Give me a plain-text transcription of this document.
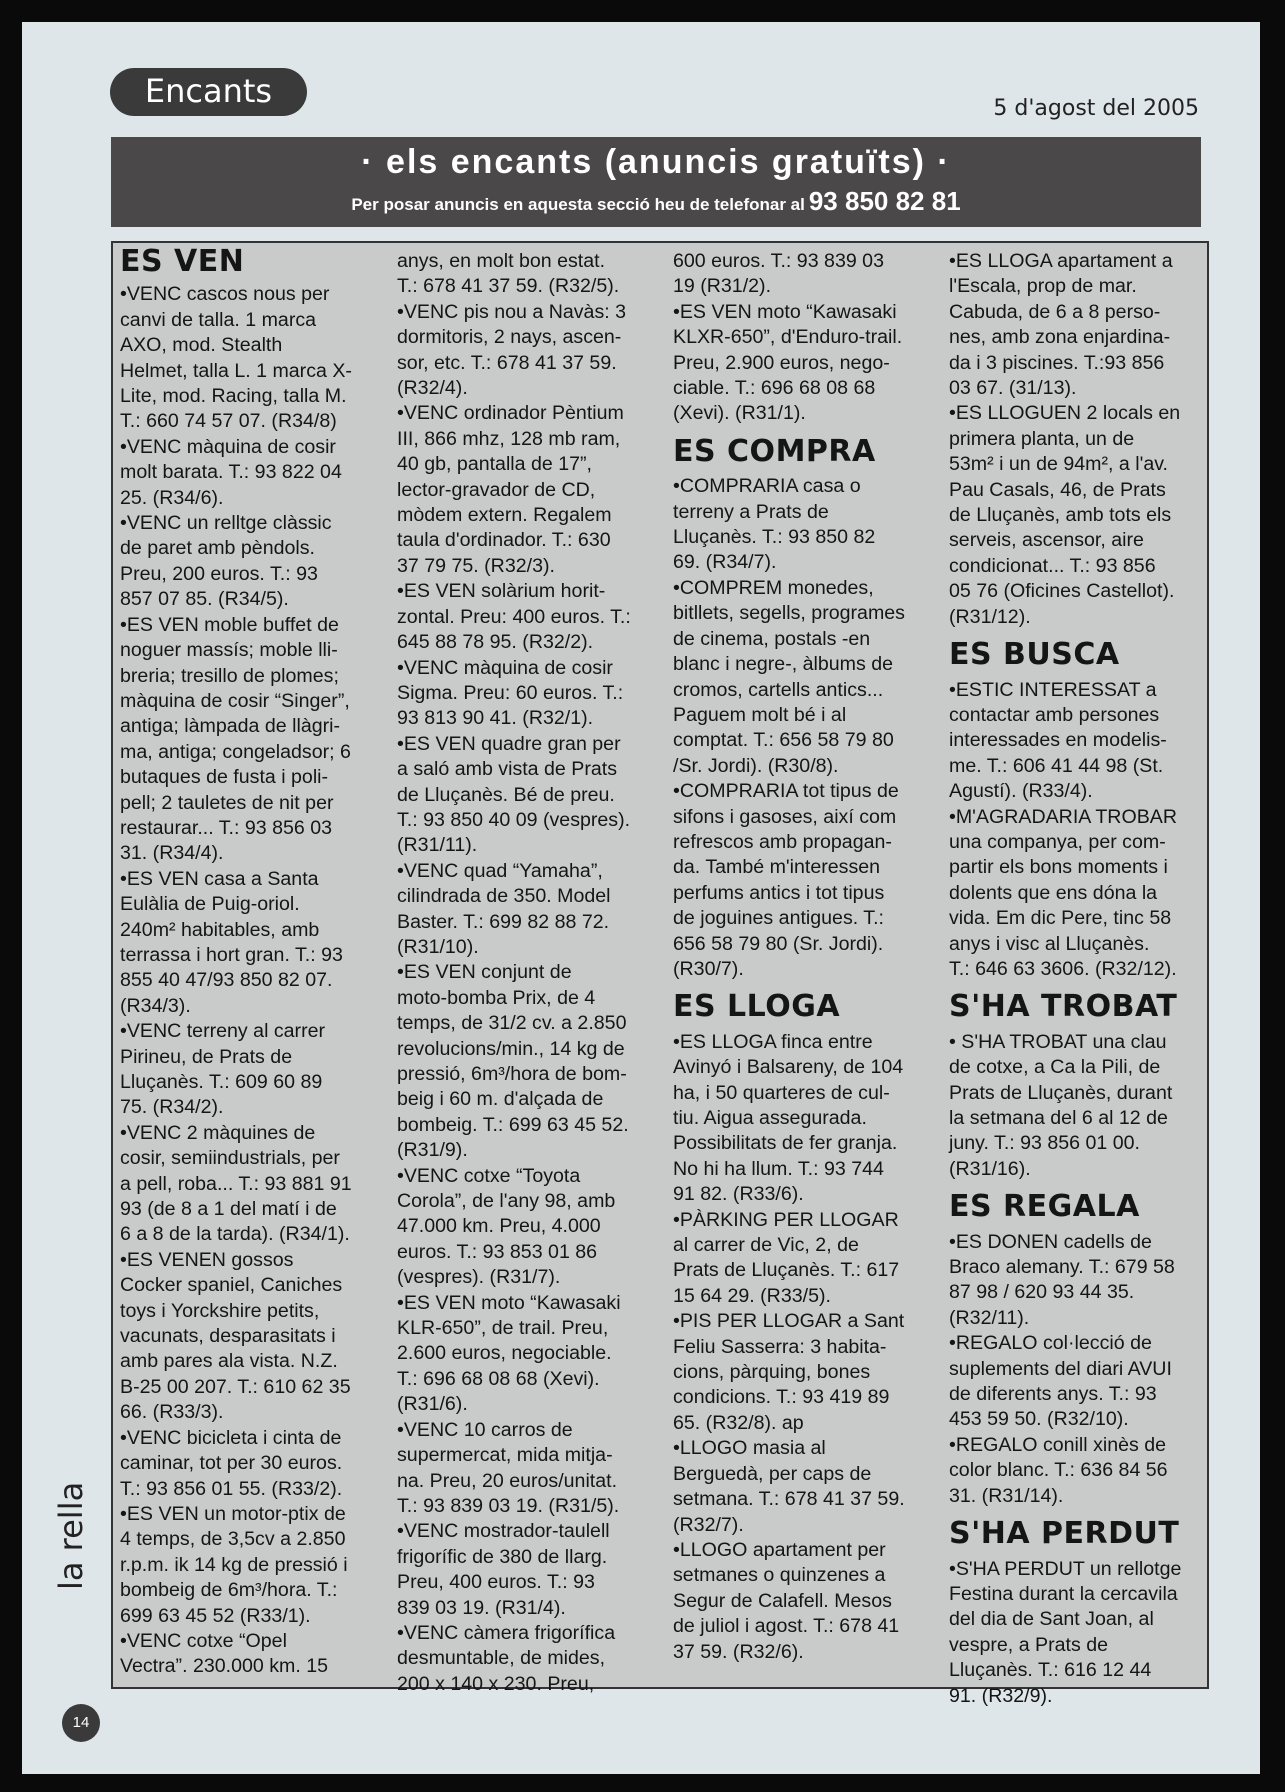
Encants	5 d'agost del 2005
· els encants (anuncis gratuïts) ·
Per posar anuncis en aquesta secció heu de telefonar al 93 850 82 81
ES VEN

•VENC cascos nous per

canvi de talla. 1 marca

AXO, mod. Stealth

Helmet, talla L. 1 marca X-

Lite, mod. Racing, talla M.

T.: 660 74 57 07. (R34/8)

•VENC màquina de cosir

molt barata. T.: 93 822 04

25. (R34/6).

•VENC un relltge clàssic

de paret amb pèndols.

Preu, 200 euros. T.: 93

857 07 85. (R34/5).

•ES VEN moble buffet de

noguer massís; moble lli-

breria; tresillo de plomes;

màquina de cosir “Singer”,

antiga; làmpada de llàgri-

ma, antiga; congeladsor; 6

butaques de fusta i poli-

pell; 2 tauletes de nit per

restaurar... T.: 93 856 03

31. (R34/4).

•ES VEN casa a Santa

Eulàlia de Puig-oriol.

240m² habitables, amb

terrassa i hort gran. T.: 93

855 40 47/93 850 82 07.

(R34/3).

•VENC terreny al carrer

Pirineu, de Prats de

Lluçanès. T.: 609 60 89

75. (R34/2).

•VENC 2 màquines de

cosir, semiindustrials, per

a pell, roba... T.: 93 881 91

93 (de 8 a 1 del matí i de

6 a 8 de la tarda). (R34/1).

•ES VENEN gossos

Cocker spaniel, Caniches

toys i Yorckshire petits,

vacunats, desparasitats i

amb pares ala vista. N.Z.

B-25 00 207. T.: 610 62 35

66. (R33/3).

•VENC bicicleta i cinta de

caminar, tot per 30 euros.

T.: 93 856 01 55. (R33/2).

•ES VEN un motor-ptix de

4 temps, de 3,5cv a 2.850

r.p.m. ik 14 kg de pressió i

bombeig de 6m³/hora. T.:

699 63 45 52 (R33/1).

•VENC cotxe “Opel

Vectra”. 230.000 km. 15

anys, en molt bon estat.

T.: 678 41 37 59. (R32/5).

•VENC pis nou a Navàs: 3

dormitoris, 2 nays, ascen-

sor, etc. T.: 678 41 37 59.

(R32/4).

•VENC ordinador Pèntium

III, 866 mhz, 128 mb ram,

40 gb, pantalla de 17”,

lector-gravador de CD,

mòdem extern. Regalem

taula d'ordinador. T.: 630

37 79 75. (R32/3).

•ES VEN solàrium horit-

zontal. Preu: 400 euros. T.:

645 88 78 95. (R32/2).

•VENC màquina de cosir

Sigma. Preu: 60 euros. T.:

93 813 90 41. (R32/1).

•ES VEN quadre gran per

a saló amb vista de Prats

de Lluçanès. Bé de preu.

T.: 93 850 40 09 (vespres).

(R31/11).

•VENC quad “Yamaha”,

cilindrada de 350. Model

Baster. T.: 699 82 88 72.

(R31/10).

•ES VEN conjunt de

moto-bomba Prix, de 4

temps, de 31/2 cv. a 2.850

revolucions/min., 14 kg de

pressió, 6m³/hora de bom-

beig i 60 m. d'alçada de

bombeig. T.: 699 63 45 52.

(R31/9).

•VENC cotxe “Toyota

Corola”, de l'any 98, amb

47.000 km. Preu, 4.000

euros. T.: 93 853 01 86

(vespres). (R31/7).

•ES VEN moto “Kawasaki

KLR-650”, de trail. Preu,

2.600 euros, negociable.

T.: 696 68 08 68 (Xevi).

(R31/6).

•VENC 10 carros de

supermercat, mida mitja-

na. Preu, 20 euros/unitat.

T.: 93 839 03 19. (R31/5).

•VENC mostrador-taulell

frigorífic de 380 de llarg.

Preu, 400 euros. T.: 93

839 03 19. (R31/4).

•VENC càmera frigorífica

desmuntable, de mides,

200 x 140 x 230. Preu,

600 euros. T.: 93 839 03

19 (R31/2).

•ES VEN moto “Kawasaki

KLXR-650”, d'Enduro-trail.

Preu, 2.900 euros, nego-

ciable. T.: 696 68 08 68

(Xevi). (R31/1).

ES COMPRA

•COMPRARIA casa o

terreny a Prats de

Lluçanès. T.: 93 850 82

69. (R34/7).

•COMPREM monedes,

bitllets, segells, programes

de cinema, postals -en

blanc i negre-, àlbums de

cromos, cartells antics...

Paguem molt bé i al

comptat. T.: 656 58 79 80

/Sr. Jordi). (R30/8).

•COMPRARIA tot tipus de

sifons i gasoses, així com

refrescos amb propagan-

da. També m'interessen

perfums antics i tot tipus

de joguines antigues. T.:

656 58 79 80 (Sr. Jordi).

(R30/7).

ES LLOGA

•ES LLOGA finca entre

Avinyó i Balsareny, de 104

ha, i 50 quarteres de cul-

tiu. Aigua assegurada.

Possibilitats de fer granja.

No hi ha llum. T.: 93 744

91 82. (R33/6).

•PÀRKING PER LLOGAR

al carrer de Vic, 2, de

Prats de Lluçanès. T.: 617

15 64 29. (R33/5).

•PIS PER LLOGAR a Sant

Feliu Sasserra: 3 habita-

cions, pàrquing, bones

condicions. T.: 93 419 89

65. (R32/8). ap

•LLOGO masia al

Berguedà, per caps de

setmana. T.: 678 41 37 59.

(R32/7).

•LLOGO apartament per

setmanes o quinzenes a

Segur de Calafell. Mesos

de juliol i agost. T.: 678 41

37 59. (R32/6).

•ES LLOGA apartament a

l'Escala, prop de mar.

Cabuda, de 6 a 8 perso-

nes, amb zona enjardina-

da i 3 piscines. T.:93 856

03 67. (31/13).

•ES LLOGUEN 2 locals en

primera planta, un de

53m² i un de 94m², a l'av.

Pau Casals, 46, de Prats

de Lluçanès, amb tots els

serveis, ascensor, aire

condicionat... T.: 93 856

05 76 (Oficines Castellot).

(R31/12).

ES BUSCA

•ESTIC INTERESSAT a

contactar amb persones

interessades en modelis-

me. T.: 606 41 44 98 (St.

Agustí). (R33/4).

•M'AGRADARIA TROBAR

una companya, per com-

partir els bons moments i

dolents que ens dóna la

vida. Em dic Pere, tinc 58

anys i visc al Lluçanès.

T.: 646 63 3606. (R32/12).

S'HA TROBAT

• S'HA TROBAT una clau

de cotxe, a Ca la Pili, de

Prats de Lluçanès, durant

la setmana del 6 al 12 de

juny. T.: 93 856 01 00.

(R31/16).

ES REGALA

•ES DONEN cadells de

Braco alemany. T.: 679 58

87 98 / 620 93 44 35.

(R32/11).

•REGALO col·lecció de

suplements del diari AVUI

de diferents anys. T.: 93

453 59 50. (R32/10).

•REGALO conill xinès de

color blanc. T.: 636 84 56

31. (R31/14).

S'HA PERDUT

•S'HA PERDUT un rellotge

Festina durant la cercavila

del dia de Sant Joan, al

vespre, a Prats de

Lluçanès. T.: 616 12 44

91. (R32/9).

la rella
14
